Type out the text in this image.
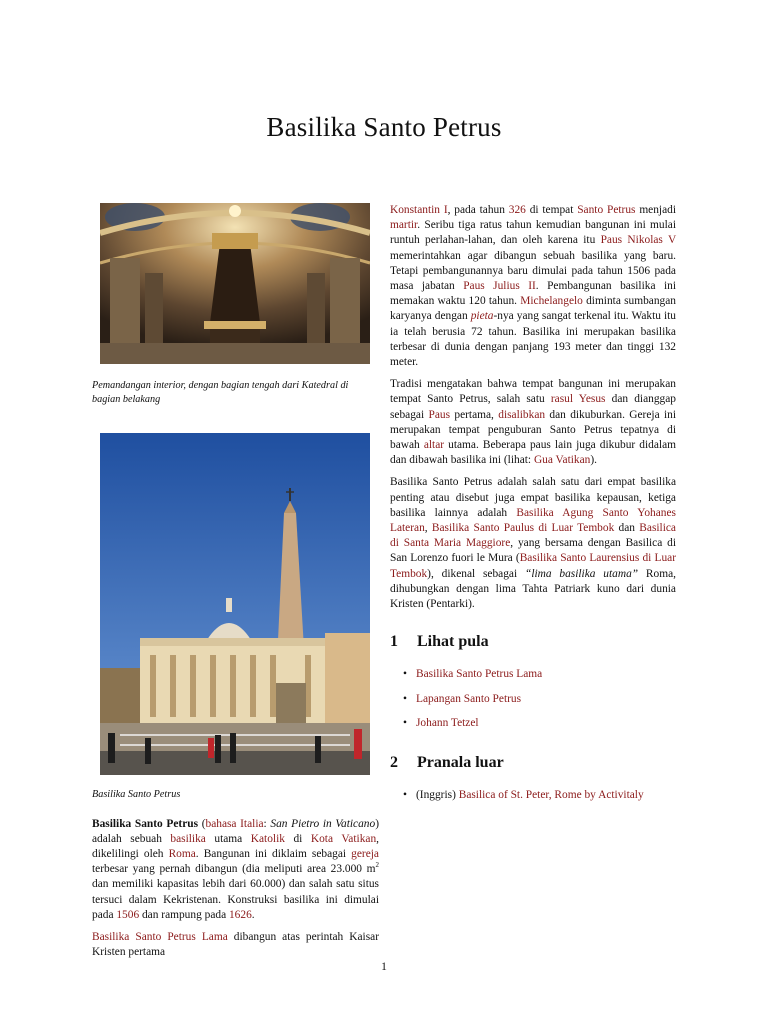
Basilika Santo Petrus

Pemandangan interior, dengan bagian tengah dari Katedral di bagian belakang

Basilika Santo Petrus

Basilika Santo Petrus (bahasa Italia: San Pietro in Vaticano) adalah sebuah basilika utama Katolik di Kota Vatikan, dikelilingi oleh Roma. Bangunan ini diklaim sebagai gereja terbesar yang pernah dibangun (dia meliputi area 23.000 $m^2$ dan memiliki kapasitas lebih dari 60.000) dan salah satu situs tersuci dalam Kekristenan. Konstruksi basilika ini dimulai pada 1506 dan rampung pada 1626.

Basilika Santo Petrus Lama dibangun atas perintah Kaisar Kristen pertama

Konstantin I, pada tahun 326 di tempat Santo Petrus menjadi martir. Seribu tiga ratus tahun kemudian bangunan ini mulai runtuh perlahan-lahan, dan oleh karena itu Paus Nikolas V memerintahkan agar dibangun sebuah basilika yang baru. Tetapi pembangunannya baru dimulai pada tahun 1506 pada masa jabatan Paus Julius II. Pembangunan basilika ini memakan waktu 120 tahun. Michelangelo diminta sumbangan karyanya dengan pieta-nya yang sangat terkenal itu. Waktu itu ia telah berusia 72 tahun. Basilika ini merupakan basilika terbesar di dunia dengan panjang 193 meter dan tinggi 132 meter.

Tradisi mengatakan bahwa tempat bangunan ini merupakan tempat Santo Petrus, salah satu rasul Yesus dan dianggap sebagai Paus pertama, disalibkan dan dikuburkan. Gereja ini merupakan tempat penguburan Santo Petrus tepatnya di bawah altar utama. Beberapa paus lain juga dikubur didalam dan dibawah basilika ini (lihat: Gua Vatikan).

Basilika Santo Petrus adalah salah satu dari empat basilika penting atau disebut juga empat basilika kepausan, ketiga basilika lainnya adalah Basilika Agung Santo Yohanes Lateran, Basilika Santo Paulus di Luar Tembok dan Basilica di Santa Maria Maggiore, yang bersama dengan Basilica di San Lorenzo fuori le Mura (Basilika Santo Laurensius di Luar Tembok), dikenal sebagai “lima basilika utama” Roma, dihubungkan dengan lima Tahta Patriark kuno dari dunia Kristen (Pentarki).

1 Lihat pula
• Basilika Santo Petrus Lama
• Lapangan Santo Petrus
• Johann Tetzel
2 Pranala luar
• (Inggris) Basilica of St. Peter, Rome by Activitaly
1
